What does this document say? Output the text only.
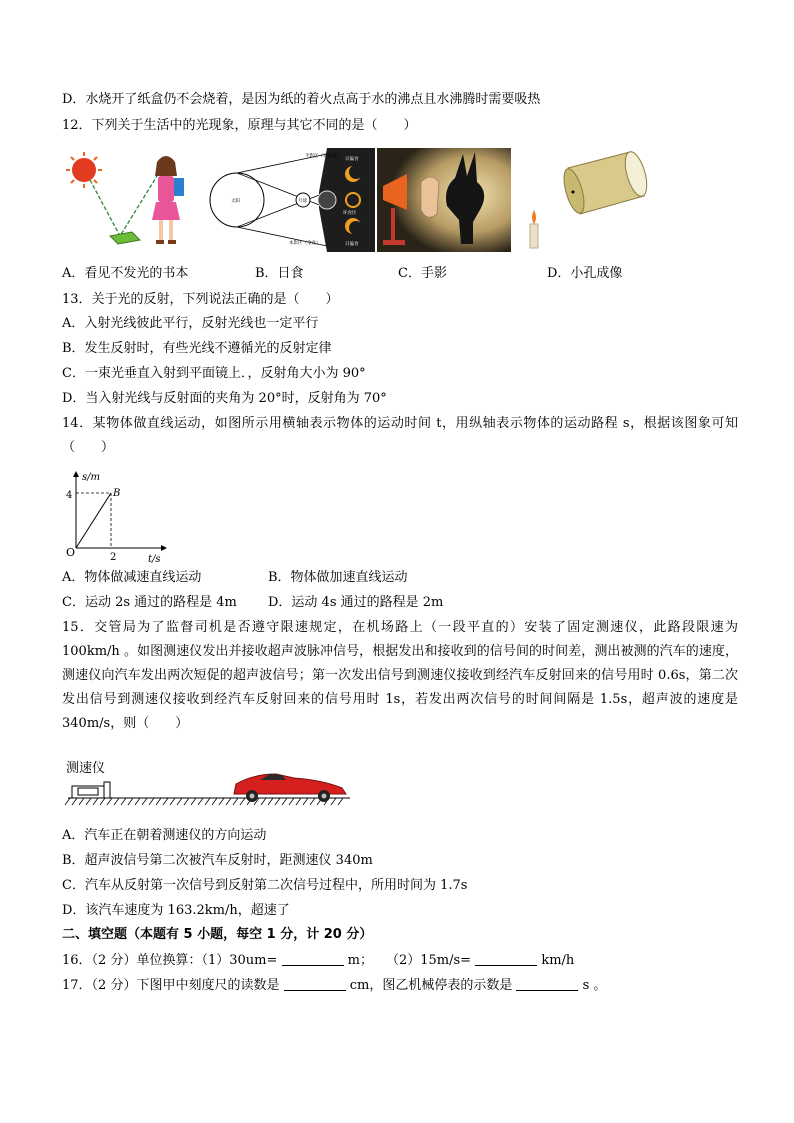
D．水烧开了纸盒仍不会烧着，是因为纸的着火点高于水的沸点且水沸腾时需要吸热
12．下列关于生活中的光现象，原理与其它不同的是（　　）
太阳	月球
半影区（日偏食）
本影区（全食）
日偏食
环食区
日偏食
A．看见不发光的书本	B．日食	C．手影	D．小孔成像
13．关于光的反射，下列说法正确的是（　　）
A．入射光线彼此平行，反射光线也一定平行
B．发生反射时，有些光线不遵循光的反射定律
C．一束光垂直入射到平面镜上．，反射角大小为 90°
D．当入射光线与反射面的夹角为 20°时，反射角为 70°
14．某物体做直线运动，如图所示用横轴表示物体的运动时间 t，用纵轴表示物体的运动路程 s，根据该图象可知（　　）
O
s/m
t/s
4
2
B
A．物体做减速直线运动	B．物体做加速直线运动
C．运动 2s 通过的路程是 4m D．运动 4s 通过的路程是 2m
15．交管局为了监督司机是否遵守限速规定，在机场路上（一段平直的）安装了固定测速仪，此路段限速为 100km/h 。如图测速仪发出并接收超声波脉冲信号，根据发出和接收到的信号间的时间差，测出被测的汽车的速度，测速仪向汽车发出两次短促的超声波信号；第一次发出信号到测速仪接收到经汽车反射回来的信号用时 0.6s，第二次发出信号到测速仪接收到经汽车反射回来的信号用时 1s，若发出两次信号的时间间隔是 1.5s，超声波的速度是 340m/s，则（　　）
测速仪
A．汽车正在朝着测速仪的方向运动
B．超声波信号第二次被汽车反射时，距测速仪 340m
C．汽车从反射第一次信号到反射第二次信号过程中，所用时间为 1.7s
D．该汽车速度为 163.2km/h，超速了
二、填空题（本题有 5 小题，每空 1 分，计 20 分）
16．（2 分）单位换算：（1）30um=	m；　　（2）15m/s=	km/h
17．（2 分）下图甲中刻度尺的读数是	cm，图乙机械停表的示数是	s 。
